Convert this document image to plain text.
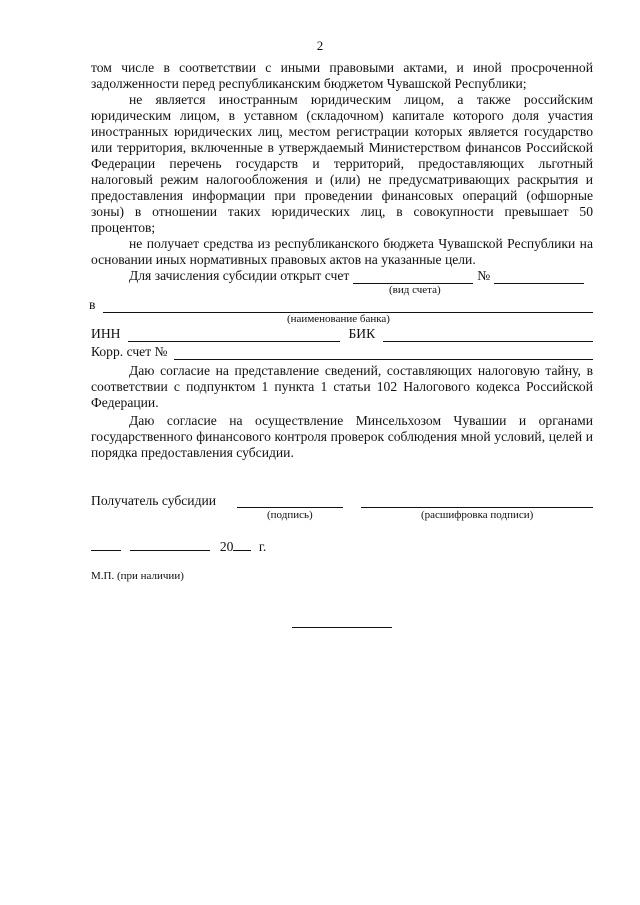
2

том числе в соответствии с иными правовыми актами, и иной просроченной задолженности перед республиканским бюджетом Чувашской Республики;

не является иностранным юридическим лицом, а также российским юридическим лицом, в уставном (складочном) капитале которого доля участия иностранных юридических лиц, местом регистрации которых является государство или территория, включенные в утверждаемый Министерством финансов Российской Федерации перечень государств и территорий, предоставляющих льготный налоговый режим налогообложения и (или) не предусматривающих раскрытия и предоставления информации при проведении финансовых операций (офшорные зоны) в отношении таких юридических лиц, в совокупности превышает 50 процентов;

не получает средства из республиканского бюджета Чувашской Республики на основании иных нормативных правовых актов на указанные цели.

Для зачисления субсидии открыт счет	№
(вид счета)
в
(наименование банка)
ИНН	БИК
Корр. счет №

Даю согласие на представление сведений, составляющих налоговую тайну, в соответствии с подпунктом 1 пункта 1 статьи 102 Налогового кодекса Российской Федерации.

Даю согласие на осуществление Минсельхозом Чувашии и органами государственного финансового контроля проверок соблюдения мной условий, целей и порядка предоставления субсидии.

Получатель субсидии
(подпись)	(расшифровка подписи)
20 г.
М.П. (при наличии)
